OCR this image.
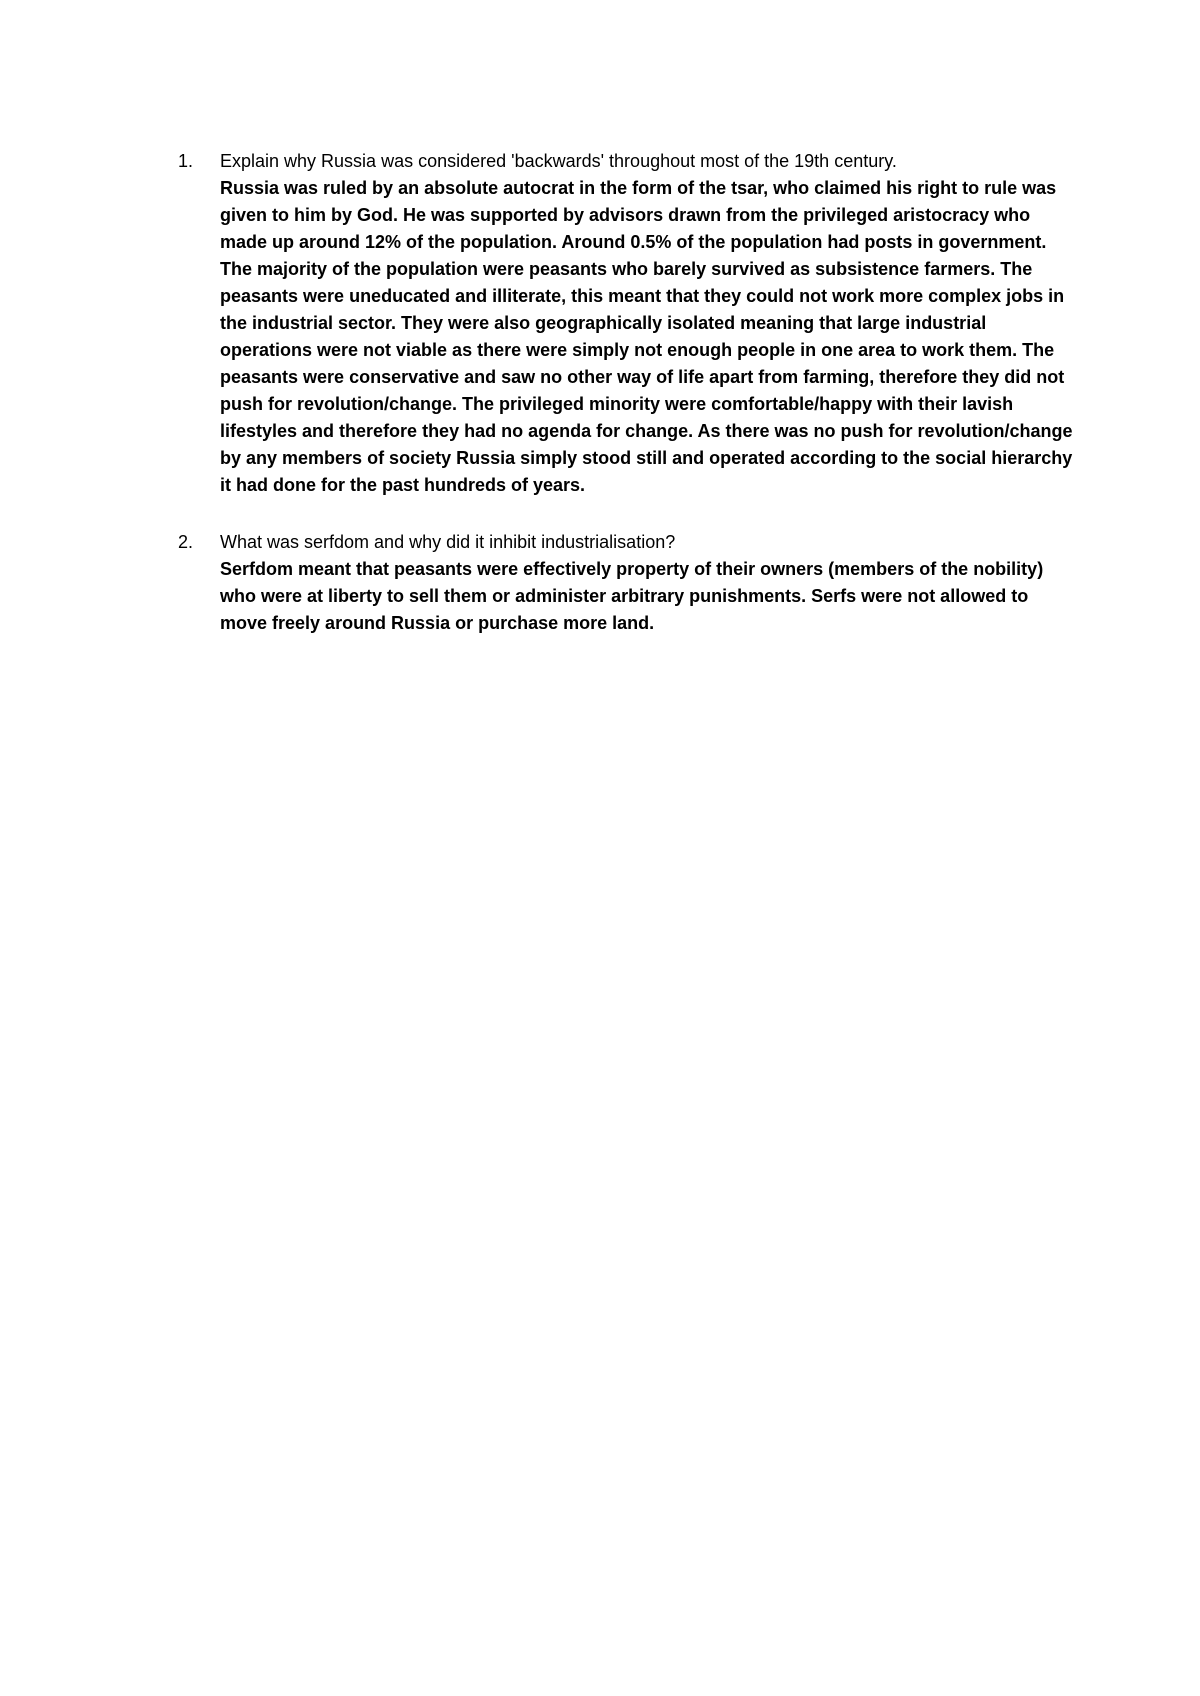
1. Explain why Russia was considered 'backwards' throughout most of the 19th century.

Russia was ruled by an absolute autocrat in the form of the tsar, who claimed his right to rule was given to him by God. He was supported by advisors drawn from the privileged aristocracy who made up around 12% of the population. Around 0.5% of the population had posts in government. The majority of the population were peasants who barely survived as subsistence farmers. The peasants were uneducated and illiterate, this meant that they could not work more complex jobs in the industrial sector. They were also geographically isolated meaning that large industrial operations were not viable as there were simply not enough people in one area to work them. The peasants were conservative and saw no other way of life apart from farming, therefore they did not push for revolution/change. The privileged minority were comfortable/happy with their lavish lifestyles and therefore they had no agenda for change. As there was no push for revolution/change by any members of society Russia simply stood still and operated according to the social hierarchy it had done for the past hundreds of years.

2. What was serfdom and why did it inhibit industrialisation?

Serfdom meant that peasants were effectively property of their owners (members of the nobility) who were at liberty to sell them or administer arbitrary punishments. Serfs were not allowed to move freely around Russia or purchase more land.
